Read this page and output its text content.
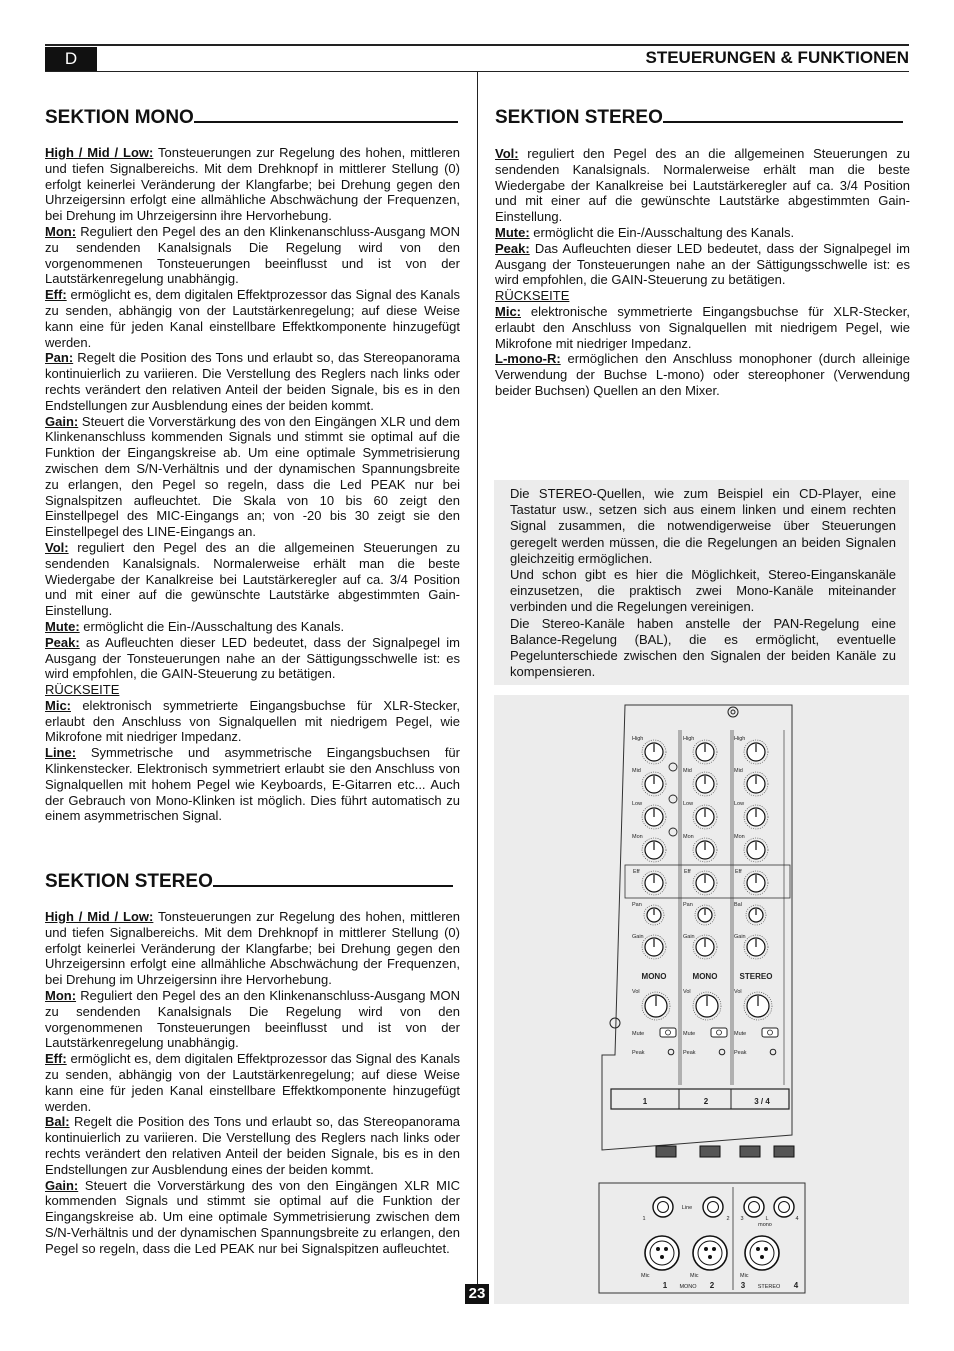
D	STEUERUNGEN & FUNKTIONEN
SEKTION MONO

High / Mid / Low: Tonsteuerungen zur Regelung des hohen, mittleren und tiefen Signalbereichs. Mit dem Drehknopf in mittlerer Stellung (0) erfolgt keinerlei Veränderung der Klangfarbe; bei Drehung gegen den Uhrzeigersinn erfolgt eine allmähliche Abschwächung der Frequenzen, bei Drehung im Uhrzeigersinn ihre Hervorhebung.

Mon: Reguliert den Pegel des an den Klinkenanschluss-Ausgang MON zu sendenden Kanalsignals Die Regelung wird von den vorgenommenen Tonsteuerungen beeinflusst und ist von der Lautstärkenregelung unabhängig.

Eff: ermöglicht es, dem digitalen Effektprozessor das Signal des Kanals zu senden, abhängig von der Lautstärkenregelung; auf diese Weise kann eine für jeden Kanal einstellbare Effektkomponente hinzugefügt werden.

Pan: Regelt die Position des Tons und erlaubt so, das Stereopanorama kontinuierlich zu variieren. Die Verstellung des Reglers nach links oder rechts verändert den relativen Anteil der beiden Signale, bis es in den Endstellungen zur Ausblendung eines der beiden kommt.

Gain: Steuert die Vorverstärkung des von den Eingängen XLR und dem Klinkenanschluss kommenden Signals und stimmt sie optimal auf die Funktion der Eingangskreise ab. Um eine optimale Symmetrisierung zwischen dem S/N-Verhältnis und der dynamischen Spannungsbreite zu erlangen, den Pegel so regeln, dass die Led PEAK nur bei Signalspitzen aufleuchtet. Die Skala von 10 bis 60 zeigt den Einstellpegel des MIC-Eingangs an; von -20 bis 30 zeigt sie den Einstellpegel des LINE-Eingangs an.

Vol: reguliert den Pegel des an die allgemeinen Steuerungen zu sendenden Kanalsignals. Normalerweise erhält man die beste Wiedergabe der Kanalkreise bei Lautstärkeregler auf ca. 3/4 Position und mit einer auf die gewünschte Lautstärke abgestimmten Gain-Einstellung.

Mute: ermöglicht die Ein-/Ausschaltung des Kanals.

Peak: as Aufleuchten dieser LED bedeutet, dass der Signalpegel im Ausgang der Tonsteuerungen nahe an der Sättigungsschwelle ist: es wird empfohlen, die GAIN-Steuerung zu betätigen.

RÜCKSEITE

Mic: elektronisch symmetrierte Eingangsbuchse für XLR-Stecker, erlaubt den Anschluss von Signalquellen mit niedrigem Pegel, wie Mikrofone mit niedriger Impedanz.

Line: Symmetrische und asymmetrische Eingangsbuchsen für Klinkenstecker. Elektronisch symmetriert erlaubt sie den Anschluss von Signalquellen mit hohem Pegel wie Keyboards, E-Gitarren etc... Auch der Gebrauch von Mono-Klinken ist möglich. Dies führt automatisch zu einem asymmetrischen Signal.

SEKTION STEREO

High / Mid / Low: Tonsteuerungen zur Regelung des hohen, mittleren und tiefen Signalbereichs. Mit dem Drehknopf in mittlerer Stellung (0) erfolgt keinerlei Veränderung der Klangfarbe; bei Drehung gegen den Uhrzeigersinn erfolgt eine allmähliche Abschwächung der Frequenzen, bei Drehung im Uhrzeigersinn ihre Hervorhebung.

Mon: Reguliert den Pegel des an den Klinkenanschluss-Ausgang MON zu sendenden Kanalsignals Die Regelung wird von den vorgenommenen Tonsteuerungen beeinflusst und ist von der Lautstärkenregelung unabhängig.

Eff: ermöglicht es, dem digitalen Effektprozessor das Signal des Kanals zu senden, abhängig von der Lautstärkenregelung; auf diese Weise kann eine für jeden Kanal einstellbare Effektkomponente hinzugefügt werden.

Bal: Regelt die Position des Tons und erlaubt so, das Stereopanorama kontinuierlich zu variieren. Die Verstellung des Reglers nach links oder rechts verändert den relativen Anteil der beiden Signale, bis es in den Endstellungen zur Ausblendung eines der beiden kommt.

Gain: Steuert die Vorverstärkung des von den Eingängen XLR MIC kommenden Signals und stimmt sie optimal auf die Funktion der Eingangskreise ab. Um eine optimale Symmetrisierung zwischen dem S/N-Verhältnis und der dynamischen Spannungsbreite zu erlangen, den Pegel so regeln, dass die Led PEAK nur bei Signalspitzen aufleuchtet.

SEKTION STEREO

Vol: reguliert den Pegel des an die allgemeinen Steuerungen zu sendenden Kanalsignals. Normalerweise erhält man die beste Wiedergabe der Kanalkreise bei Lautstärkeregler auf ca. 3/4 Position und mit einer auf die gewünschte Lautstärke abgestimmten Gain-Einstellung.

Mute: ermöglicht die Ein-/Ausschaltung des Kanals.

Peak: Das Aufleuchten dieser LED bedeutet, dass der Signalpegel im Ausgang der Tonsteuerungen nahe an der Sättigungsschwelle ist: es wird empfohlen, die GAIN-Steuerung zu betätigen.

RÜCKSEITE

Mic: elektronische symmetrierte Eingangsbuchse für XLR-Stecker, erlaubt den Anschluss von Signalquellen mit niedrigem Pegel, wie Mikrofone mit niedriger Impedanz.

L-mono-R: ermöglichen den Anschluss monophoner (durch alleinige Verwendung der Buchse L-mono) oder stereophoner (Verwendung beider Buchsen) Quellen an den Mixer.

Die STEREO-Quellen, wie zum Beispiel ein CD-Player, eine Tastatur usw., setzen sich aus einem linken und einem rechten Signal zusammen, die notwendigerweise über Steuerungen geregelt werden müssen, die die Regelungen an beiden Signalen gleichzeitig ermöglichen.

Und schon gibt es hier die Möglichkeit, Stereo-Einganskanäle einzusetzen, die praktisch zwei Mono-Kanäle miteinander verbinden und die Regelungen vereinigen.

Die Stereo-Kanäle haben anstelle der PAN-Regelung eine Balance-Regelung (BAL), die es ermöglicht, eventuelle Pegelunterschiede zwischen den Signalen der beiden Kanäle zu kompensieren.

High
Mid
Low
Mon
High
Mid
Low
Mon
High
Mid
Low
Mon
Eff	Eff	Eff
Pan	Pan	Bal
Gain	Gain	Gain
MONO	MONO	STEREO
Vol	Vol	Vol
Mute	Mute	Mute
Peak	Peak	Peak
1	2	3 / 4
Line
L
mono
1	2 3	4
Mic	Mic	Mic
1 MONO 2	3 STEREO 4
23
